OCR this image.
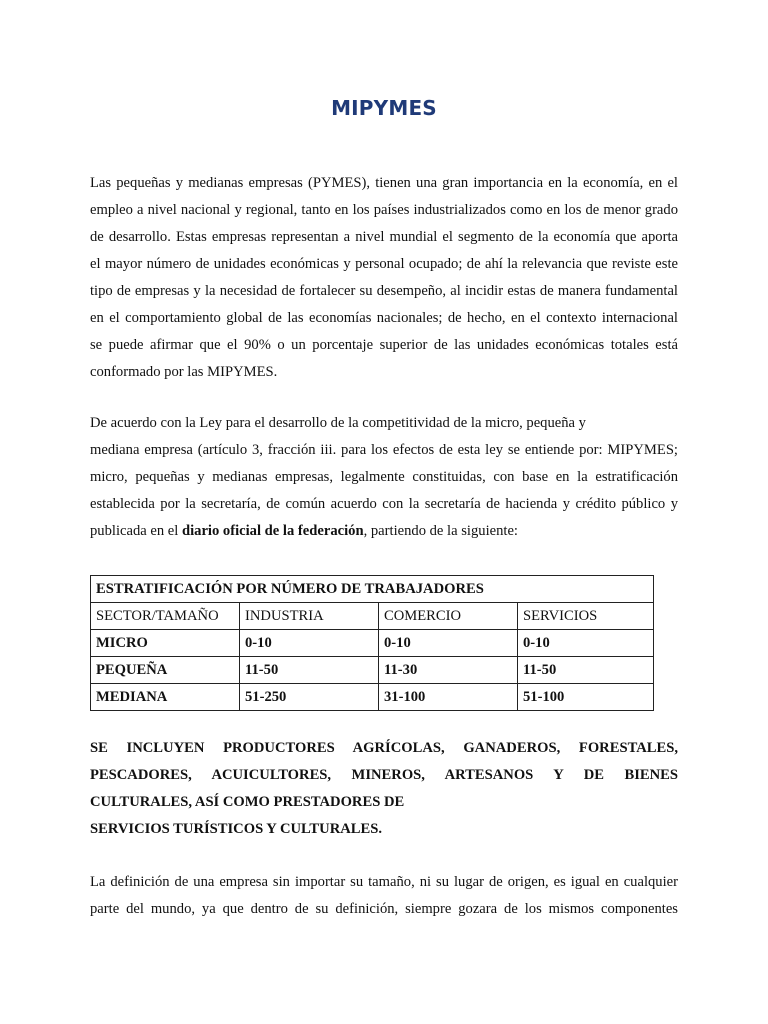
MIPYMES
Las pequeñas y medianas empresas (PYMES), tienen una gran importancia en la economía, en el
empleo a nivel nacional y regional, tanto en los países industrializados como en los de menor grado
de desarrollo. Estas empresas representan a nivel mundial el segmento de la economía que aporta
el mayor número de unidades económicas y personal ocupado; de ahí la relevancia que reviste este
tipo de empresas y la necesidad de fortalecer su desempeño, al incidir estas de manera fundamental
en el comportamiento global de las economías nacionales; de hecho, en el contexto internacional
se puede afirmar que el 90% o un porcentaje superior de las unidades económicas totales está
conformado por las MIPYMES.
De acuerdo con la Ley para el desarrollo de la competitividad de la micro, pequeña y
mediana empresa (artículo 3, fracción iii. para los efectos de esta ley se entiende por: MIPYMES;
micro, pequeñas y medianas empresas, legalmente constituidas, con base en la estratificación
establecida por la secretaría, de común acuerdo con la secretaría de hacienda y crédito público y
publicada en el diario oficial de la federación, partiendo de la siguiente:
ESTRATIFICACIÓN POR NÚMERO DE TRABAJADORES			
SECTOR/TAMAÑO	INDUSTRIA	COMERCIO	SERVICIOS
MICRO	0-10	0-10	0-10
PEQUEÑA	11-50	11-30	11-50
MEDIANA	51-250	31-100	51-100
SE INCLUYEN PRODUCTORES AGRÍCOLAS, GANADEROS, FORESTALES,
PESCADORES, ACUICULTORES, MINEROS, ARTESANOS Y DE BIENES
CULTURALES, ASÍ COMO PRESTADORES DE
SERVICIOS TURÍSTICOS Y CULTURALES.
La definición de una empresa sin importar su tamaño, ni su lugar de origen, es igual en cualquier
parte del mundo, ya que dentro de su definición, siempre gozara de los mismos componentes
